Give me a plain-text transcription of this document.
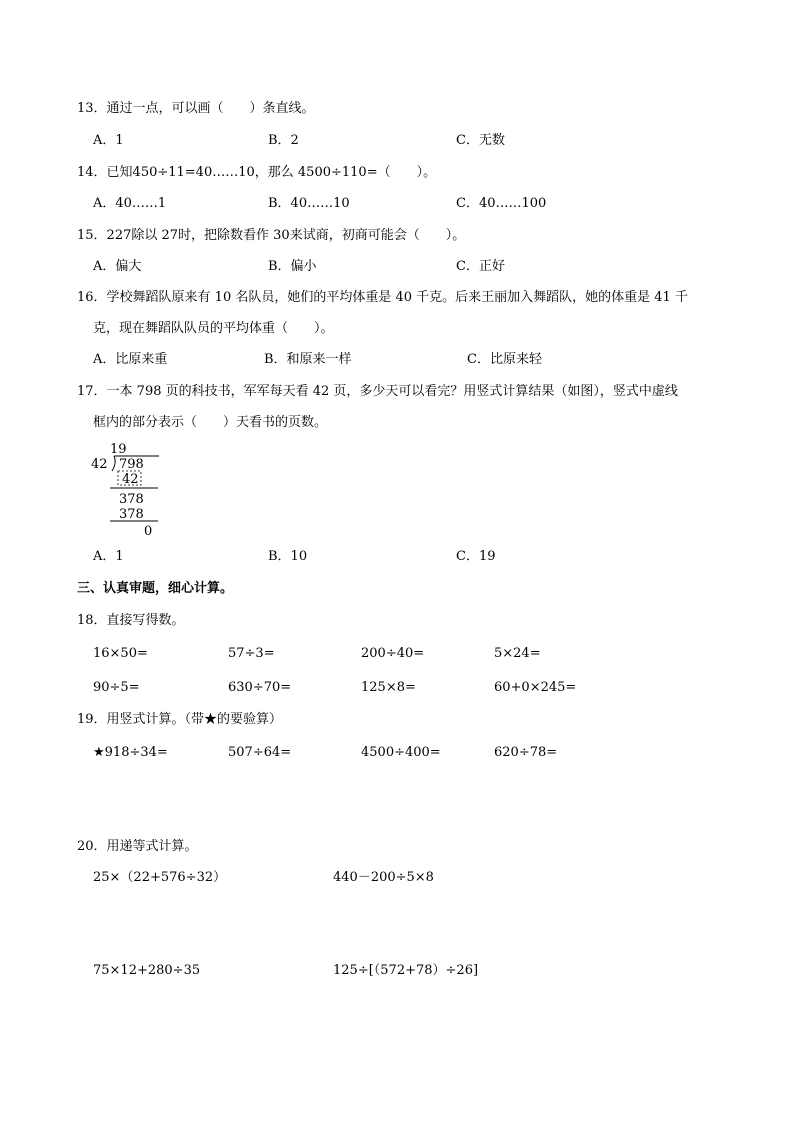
13．通过一点，可以画（　　）条直线。
A．1	B．2	C．无数
14．已知450÷11=40……10，那么 4500÷110=（　　）。
A．40……1	B．40……10	C．40……100
15．227除以 27时，把除数看作 30来试商，初商可能会（　　）。
A．偏大	B．偏小	C．正好
16．学校舞蹈队原来有 10 名队员，她们的平均体重是 40 千克。后来王丽加入舞蹈队，她的体重是 41 千
克，现在舞蹈队队员的平均体重（　　）。
A．比原来重	B．和原来一样	C．比原来轻
17．一本 798 页的科技书，军军每天看 42 页，多少天可以看完？用竖式计算结果（如图），竖式中虚线
框内的部分表示（　　）天看书的页数。
19
42 798
42
378
378
0
A．1	B．10	C．19
三、认真审题，细心计算。
18．直接写得数。
16×50=	57÷3=	200÷40=	5×24=
90÷5=	630÷70=	125×8=	60+0×245=
19．用竖式计算。（带★的要验算）
★918÷34=	507÷64=	4500÷400=	620÷78=
20．用递等式计算。
25×（22+576÷32）	440－200÷5×8
75×12+280÷35	125÷[（572+78）÷26]
